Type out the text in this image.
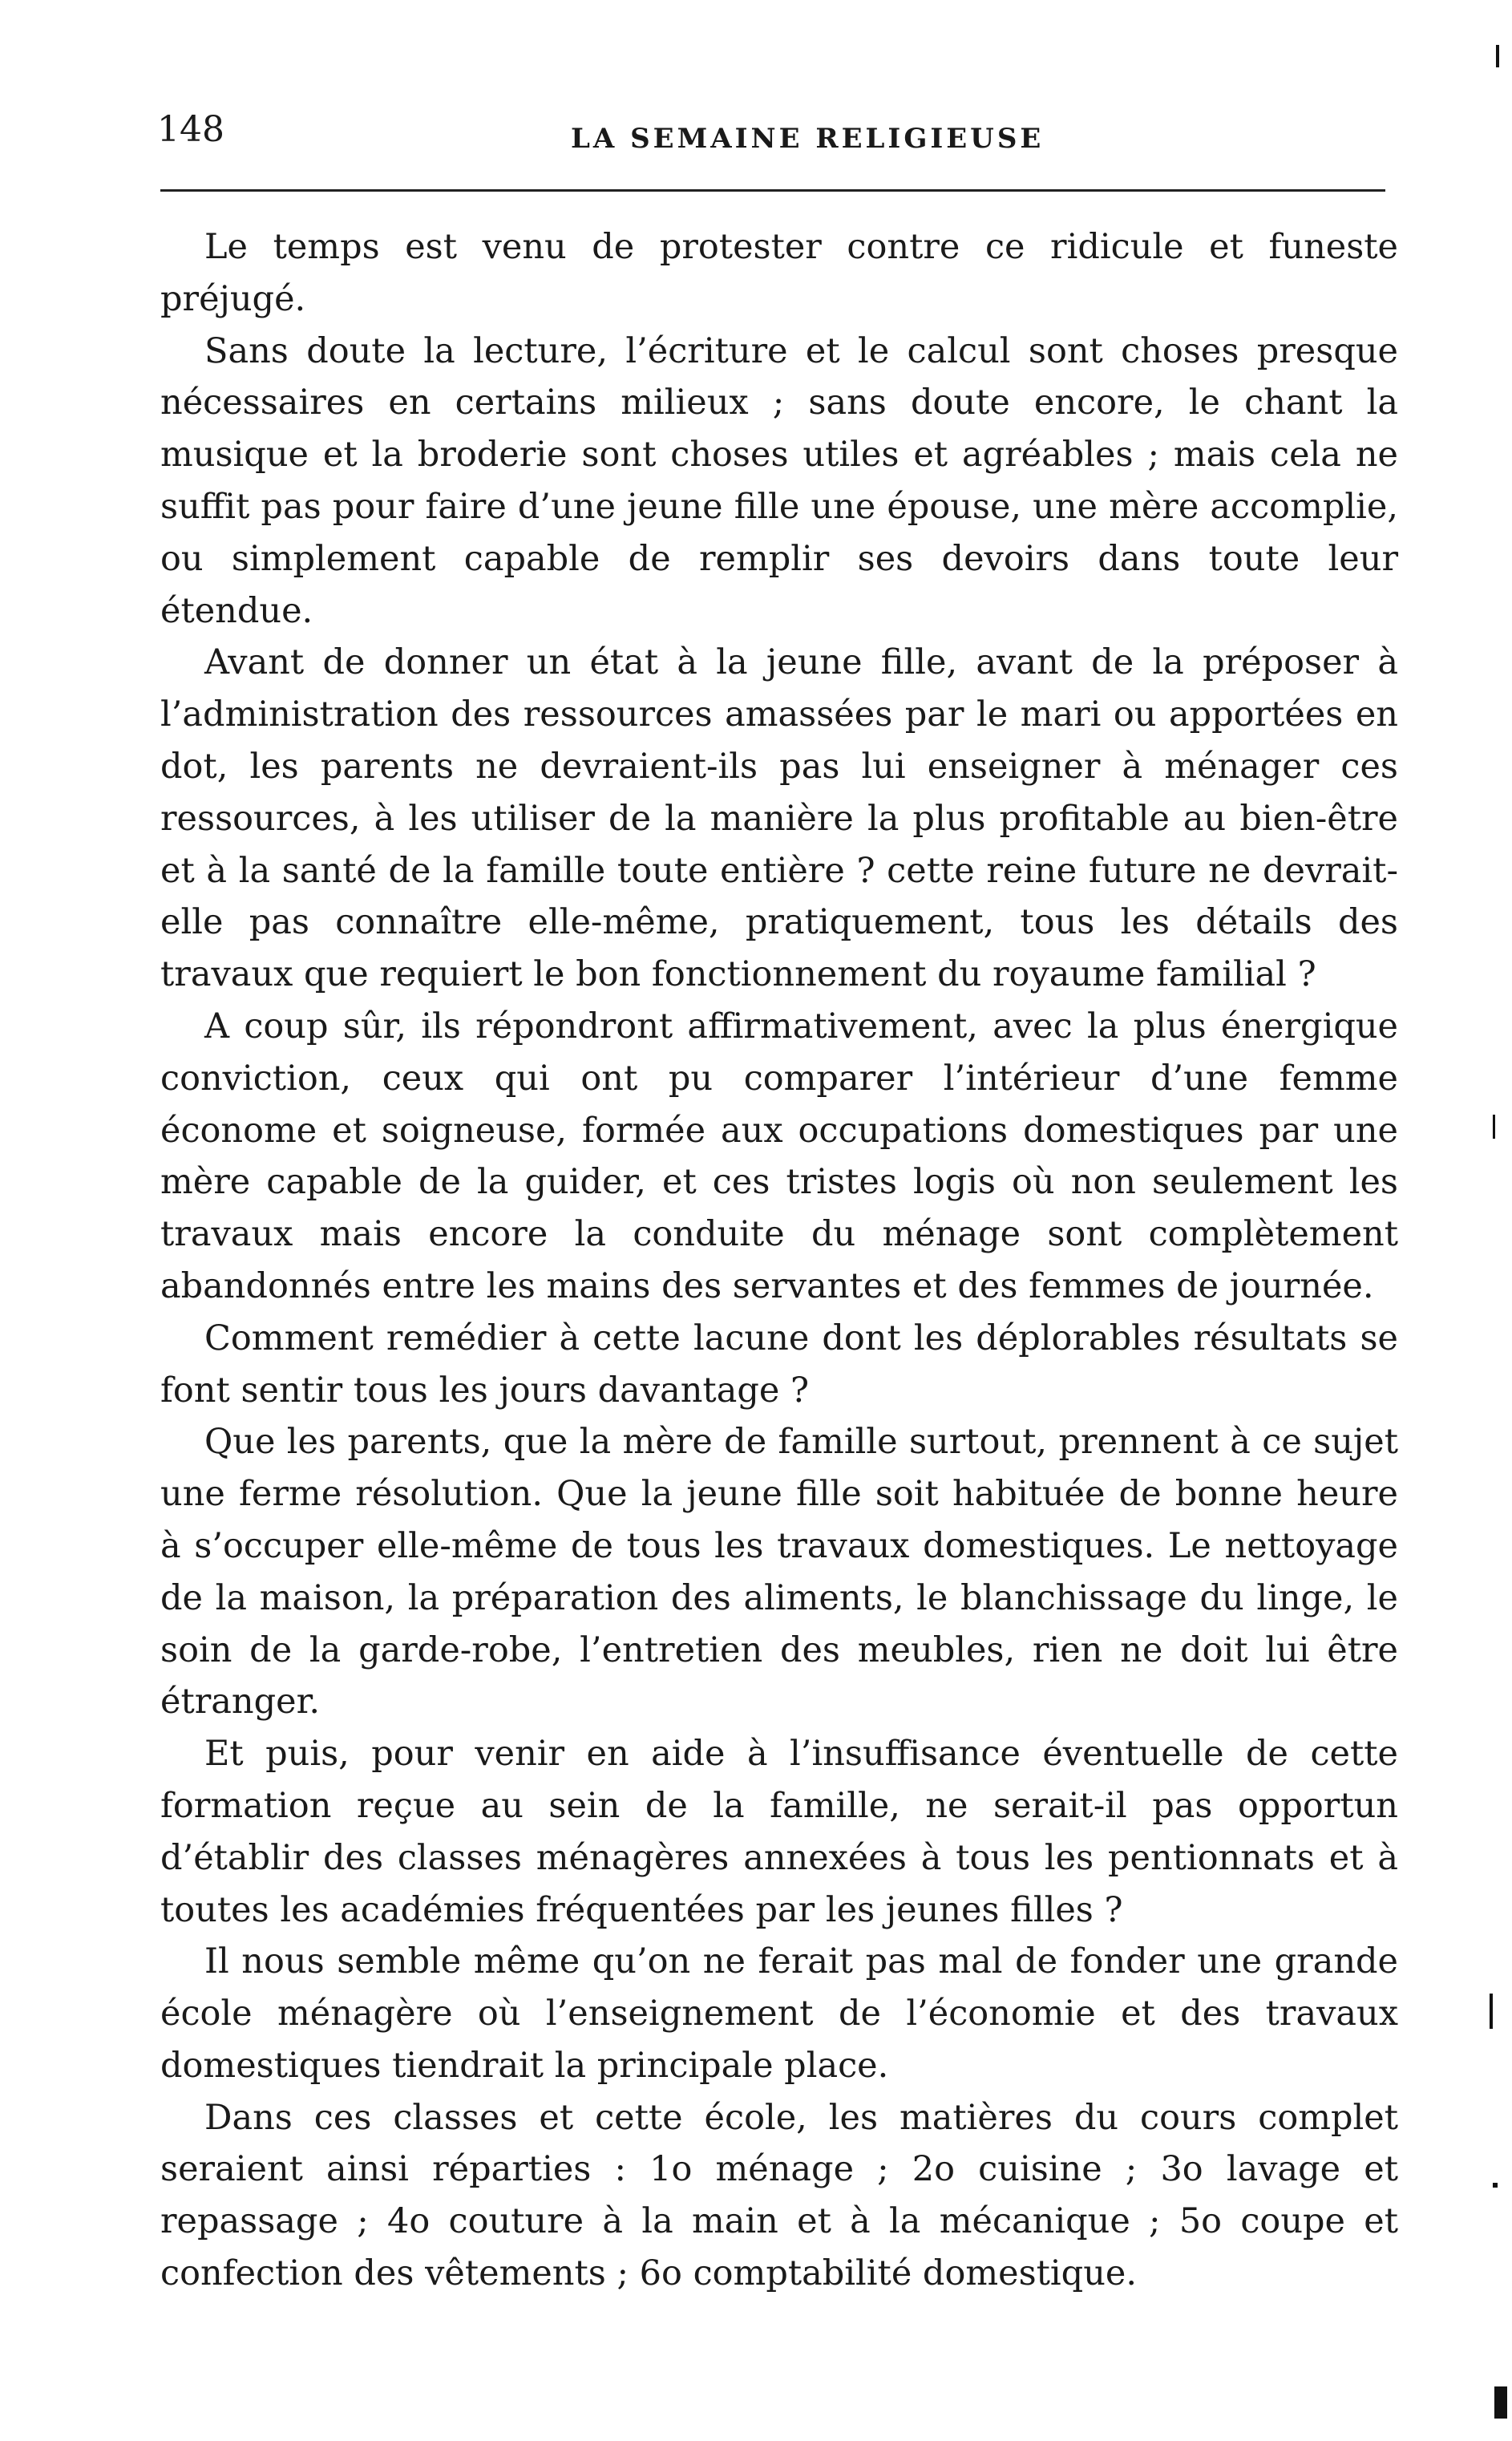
148	LA SEMAINE RELIGIEUSE

Le temps est venu de protester contre ce ridicule et funeste préjugé.

Sans doute la lecture, l’écriture et le calcul sont choses presque nécessaires en certains milieux ; sans doute encore, le chant la musique et la broderie sont choses utiles et agréables ; mais cela ne suffit pas pour faire d’une jeune fille une épouse, une mère accomplie, ou simplement capable de remplir ses devoirs dans toute leur étendue.

Avant de donner un état à la jeune fille, avant de la préposer à l’administration des ressources amassées par le mari ou apportées en dot, les parents ne devraient-ils pas lui enseigner à ménager ces ressources, à les utiliser de la manière la plus profitable au bien-être et à la santé de la famille toute entière ? cette reine future ne devrait-elle pas connaître elle-même, pratiquement, tous les détails des travaux que requiert le bon fonctionnement du royaume familial ?

A coup sûr, ils répondront affirmativement, avec la plus énergique conviction, ceux qui ont pu comparer l’intérieur d’une femme économe et soigneuse, formée aux occupations domestiques par une mère capable de la guider, et ces tristes logis où non seulement les travaux mais encore la conduite du ménage sont complètement abandonnés entre les mains des servantes et des femmes de journée.

Comment remédier à cette lacune dont les déplorables résultats se font sentir tous les jours davantage ?

Que les parents, que la mère de famille surtout, prennent à ce sujet une ferme résolution. Que la jeune fille soit habituée de bonne heure à s’occuper elle-même de tous les travaux domestiques. Le nettoyage de la maison, la préparation des aliments, le blanchissage du linge, le soin de la garde-robe, l’entretien des meubles, rien ne doit lui être étranger.

Et puis, pour venir en aide à l’insuffisance éventuelle de cette formation reçue au sein de la famille, ne serait-il pas opportun d’établir des classes ménagères annexées à tous les pentionnats et à toutes les académies fréquentées par les jeunes filles ?

Il nous semble même qu’on ne ferait pas mal de fonder une grande école ménagère où l’enseignement de l’économie et des travaux domestiques tiendrait la principale place.

Dans ces classes et cette école, les matières du cours complet seraient ainsi réparties : 1o ménage ; 2o cuisine ; 3o lavage et repassage ; 4o couture à la main et à la mécanique ; 5o coupe et confection des vêtements ; 6o comptabilité domestique.
